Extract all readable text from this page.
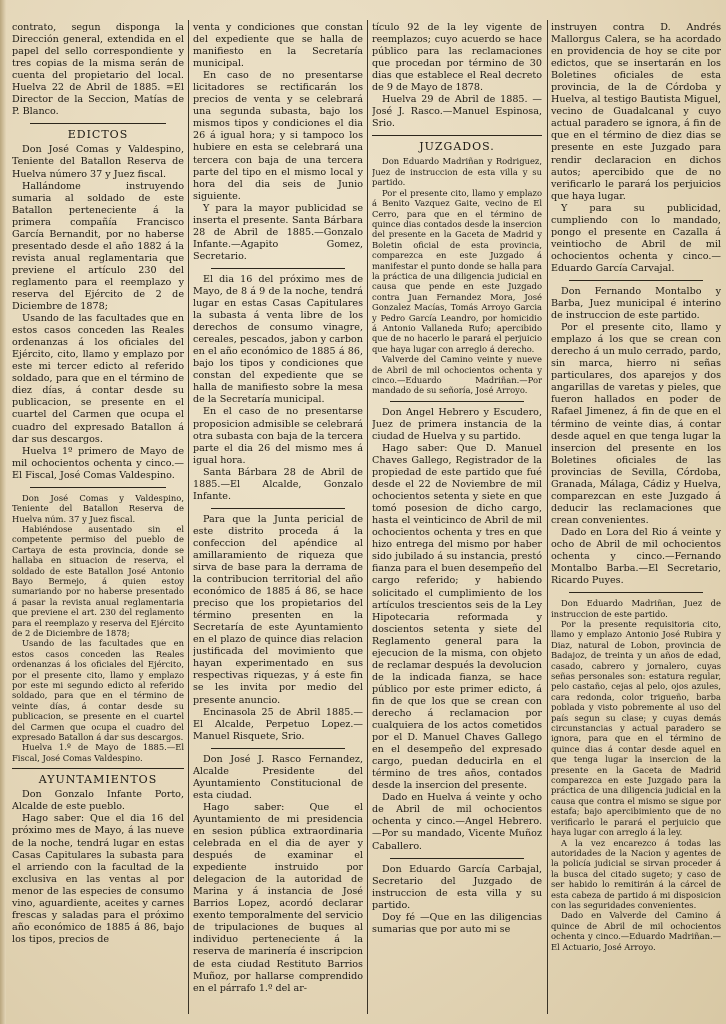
contrato, segun disponga la Dirección general, extendida en el papel del sello correspondiente y tres copias de la misma serán de cuenta del propietario del local. Huelva 22 de Abril de 1885. =El Director de la Seccion, Matías de P. Blanco.

EDICTOS

Don José Comas y Valdespino, Teniente del Batallon Reserva de Huelva número 37 y Juez fiscal.

Hallándome instruyendo sumaria al soldado de este Batallon perteneciente á la primera compañía Francisco García Bernandit, por no haberse presentado desde el año 1882 á la revista anual reglamentaria que previene el artículo 230 del reglamento para el reemplazo y reserva del Ejército de 2 de Diciembre de 1878;

Usando de las facultades que en estos casos conceden las Reales ordenanzas á los oficiales del Ejército, cito, llamo y emplazo por este mi tercer edicto al referido soldado, para que en el término de diez días, á contar desde su publicacion, se presente en el cuartel del Carmen que ocupa el cuadro del expresado Batallon á dar sus descargos.

Huelva 1º primero de Mayo de mil ochocientos ochenta y cinco.—El Fiscal, José Comas Valdespino.

Don José Comas y Valdespino, Teniente del Batallon Reserva de Huelva núm. 37 y Juez fiscal.

Habiéndose ausentado sin el competente permiso del pueblo de Cartaya de esta provincia, donde se hallaba en situacion de reserva, el soldado de este Batallon José Antonio Bayo Bermejo, á quien estoy sumariando por no haberse presentado á pasar la revista anual reglamentaria que previene el art. 230 del reglamento para el reemplazo y reserva del Ejército de 2 de Diciembre de 1878;

Usando de las facultades que en estos casos conceden las Reales ordenanzas á los oficiales del Ejército, por el presente cito, llamo y emplazo por este mi segundo edicto al referido soldado, para que en el término de veinte días, á contar desde su publicacion, se presente en el cuartel del Carmen que ocupa el cuadro del expresado Batallon á dar sus descargos.

Huelva 1.º de Mayo de 1885.—El Fiscal, José Comas Valdespino.

AYUNTAMIENTOS

Don Gonzalo Infante Porto, Alcalde de este pueblo.

Hago saber: Que el dia 16 del próximo mes de Mayo, á las nueve de la noche, tendrá lugar en estas Casas Capitulares la subasta para el arriendo con la facultad de la exclusiva en las ventas al por menor de las especies de consumo vino, aguardiente, aceites y carnes frescas y saladas para el próximo año económico de 1885 á 86, bajo los tipos, precios de

venta y condiciones que constan del expediente que se halla de manifiesto en la Secretaría municipal.

En caso de no presentarse licitadores se rectificarán los precios de venta y se celebrará una segunda subasta, bajo los mismos tipos y condiciones el dia 26 á igual hora; y si tampoco los hubiere en esta se celebrará una tercera con baja de una tercera parte del tipo en el mismo local y hora del dia seis de Junio siguiente.

Y para la mayor publicidad se inserta el presente. Santa Bárbara 28 de Abril de 1885.—Gonzalo Infante.—Agapito Gomez, Secretario.

El dia 16 del próximo mes de Mayo, de 8 á 9 de la noche, tendrá lugar en estas Casas Capitulares la subasta á venta libre de los derechos de consumo vinagre, cereales, pescados, jabon y carbon en el año económico de 1885 á 86, bajo los tipos y condiciones que constan del expediente que se halla de manifiesto sobre la mesa de la Secretaría municipal.

En el caso de no presentarse proposicion admisible se celebrará otra subasta con baja de la tercera parte el dia 26 del mismo mes á igual hora.

Santa Bárbara 28 de Abril de 1885.—El Alcalde, Gonzalo Infante.

Para que la Junta pericial de este distrito proceda á la confeccion del apéndice al amillaramiento de riqueza que sirva de base para la derrama de la contribucion territorial del año económico de 1885 á 86, se hace preciso que los propietarios del término presenten en la Secretaría de este Ayuntamiento en el plazo de quince dias relacion justificada del movimiento que hayan experimentado en sus respectivas riquezas, y á este fin se les invita por medio del presente anuncio.

Encinasola 25 de Abril 1885.—El Alcalde, Perpetuo Lopez.—Manuel Risquete, Srio.

Don José J. Rasco Fernandez, Alcalde Presidente del Ayuntamiento Constitucional de esta ciudad.

Hago saber: Que el Ayuntamiento de mi presidencia en sesion pública extraordinaria celebrada en el dia de ayer y después de examinar el expediente instruido por delegacion de la autoridad de Marina y á instancia de José Barrios Lopez, acordó declarar exento temporalmente del servicio de tripulaciones de buques al individuo perteneciente á la reserva de marinería é inscripcion de esta ciudad Restituto Barrios Muñoz, por hallarse comprendido en el párrafo 1.º del ar-

tículo 92 de la ley vigente de reemplazos; cuyo acuerdo se hace público para las reclamaciones que procedan por término de 30 dias que establece el Real decreto de 9 de Mayo de 1878.

Huelva 29 de Abril de 1885. —José J. Rasco.—Manuel Espinosa, Srio.

JUZGADOS.

Don Eduardo Madriñan y Rodriguez, Juez de instruccion de esta villa y su partido.

Por el presente cito, llamo y emplazo á Benito Vazquez Gaite, vecino de El Cerro, para que en el término de quince dias contados desde la insercion del presente en la Gaceta de Madrid y Boletin oficial de esta provincia, comparezca en este Juzgado á manifestar el punto donde se halla para la práctica de una diligencia judicial en causa que pende en este Juzgado contra Juan Fernandez Mora, José Gonzalez Macías, Tomás Arroyo Garcia y Pedro García Leandro, por homicidio á Antonio Vallaneda Rufo; apercibido que de no hacerlo le parará el perjuicio que haya lugar con arreglo á derecho.

Valverde del Camino veinte y nueve de Abril de mil ochocientos ochenta y cinco.—Eduardo Madriñan.—Por mandado de su señoría, José Arroyo.

Don Angel Hebrero y Escudero, Juez de primera instancia de la ciudad de Huelva y su partido.

Hago saber: Que D. Manuel Chaves Gallego, Registrador de la propiedad de este partido que fué desde el 22 de Noviembre de mil ochocientos setenta y siete en que tomó posesion de dicho cargo, hasta el veinticinco de Abril de mil ochocientos ochenta y tres en que hizo entrega del mismo por haber sido jubilado á su instancia, prestó fianza para el buen desempeño del cargo referido; y habiendo solicitado el cumplimiento de los artículos trescientos seis de la Ley Hipotecaria reformada y doscientos setenta y siete del Reglamento general para la ejecucion de la misma, con objeto de reclamar después la devolucion de la indicada fianza, se hace público por este primer edicto, á fin de que los que se crean con derecho á reclamacion por cualquiera de los actos cometidos por el D. Manuel Chaves Gallego en el desempeño del expresado cargo, puedan deducirla en el término de tres años, contados desde la insercion del presente.

Dado en Huelva á veinte y ocho de Abril de mil ochocientos ochenta y cinco.—Angel Hebrero.—Por su mandado, Vicente Muñoz Caballero.

Don Eduardo García Carbajal, Secretario del Juzgado de instruccion de esta villa y su partido.

Doy fé —Que en las diligencias sumarias que por auto mi se

instruyen contra D. Andrés Mallorgus Calera, se ha acordado en providencia de hoy se cite por edictos, que se insertarán en los Boletines oficiales de esta provincia, de la de Córdoba y Huelva, al testigo Bautista Miguel, vecino de Guadalcanal y cuyo actual paradero se ignora, á fin de que en el término de diez dias se presente en este Juzgado para rendir declaracion en dichos autos; apercibido que de no verificarlo le parará los perjuicios que haya lugar.

Y para su publicidad, cumpliendo con lo mandado, pongo el presente en Cazalla á veintiocho de Abril de mil ochocientos ochenta y cinco.—Eduardo García Carvajal.

Don Fernando Montalbo y Barba, Juez municipal é interino de instruccion de este partido.

Por el presente cito, llamo y emplazo á los que se crean con derecho á un mulo cerrado, pardo, sin marca, hierro ni señas particulares, dos aparejos y dos angarillas de varetas y pieles, que fueron hallados en poder de Rafael Jimenez, á fin de que en el término de veinte dias, á contar desde aquel en que tenga lugar la insercion del presente en los Boletines oficiales de las provincias de Sevilla, Córdoba, Granada, Málaga, Cádiz y Huelva, comparezcan en este Juzgado á deducir las reclamaciones que crean convenientes.

Dado en Lora del Rio á veinte y ocho de Abril de mil ochocientos ochenta y cinco.—Fernando Montalbo Barba.—El Secretario, Ricardo Puyes.

Don Eduardo Madriñan, Juez de instruccion de este partido.

Por la presente requisitoria cito, llamo y emplazo Antonio José Rubira y Diaz, natural de Lobon, provincia de Badajoz, de treinta y un años de edad, casado, cabrero y jornalero, cuyas señas personales son: estatura regular, pelo castaño, cejas al pelo, ojos azules, cara redonda, color trigueño, barba poblada y visto pobremente al uso del país segun su clase; y cuyas demás circunstancias y actual paradero se ignora, para que en el término de quince dias á contar desde aquel en que tenga lugar la insercion de la presente en la Gaceta de Madrid comparezca en este Juzgado para la práctica de una diligencia judicial en la causa que contra el mismo se sigue por estafa; bajo apercibimiento que de no verificarlo le parará el perjuicio que haya lugar con arreglo á la ley.

A la vez encarezco á todas las autoridades de la Nacion y agentes de la policía judicial se sirvan proceder á la busca del citado sugeto; y caso de ser habido lo remitirán á la cárcel de esta cabeza de partido á mi disposicion con las seguridades convenientes.

Dado en Valverde del Camino á quince de Abril de mil ochocientos ochenta y cinco.—Eduardo Madriñan.—El Actuario, José Arroyo.
